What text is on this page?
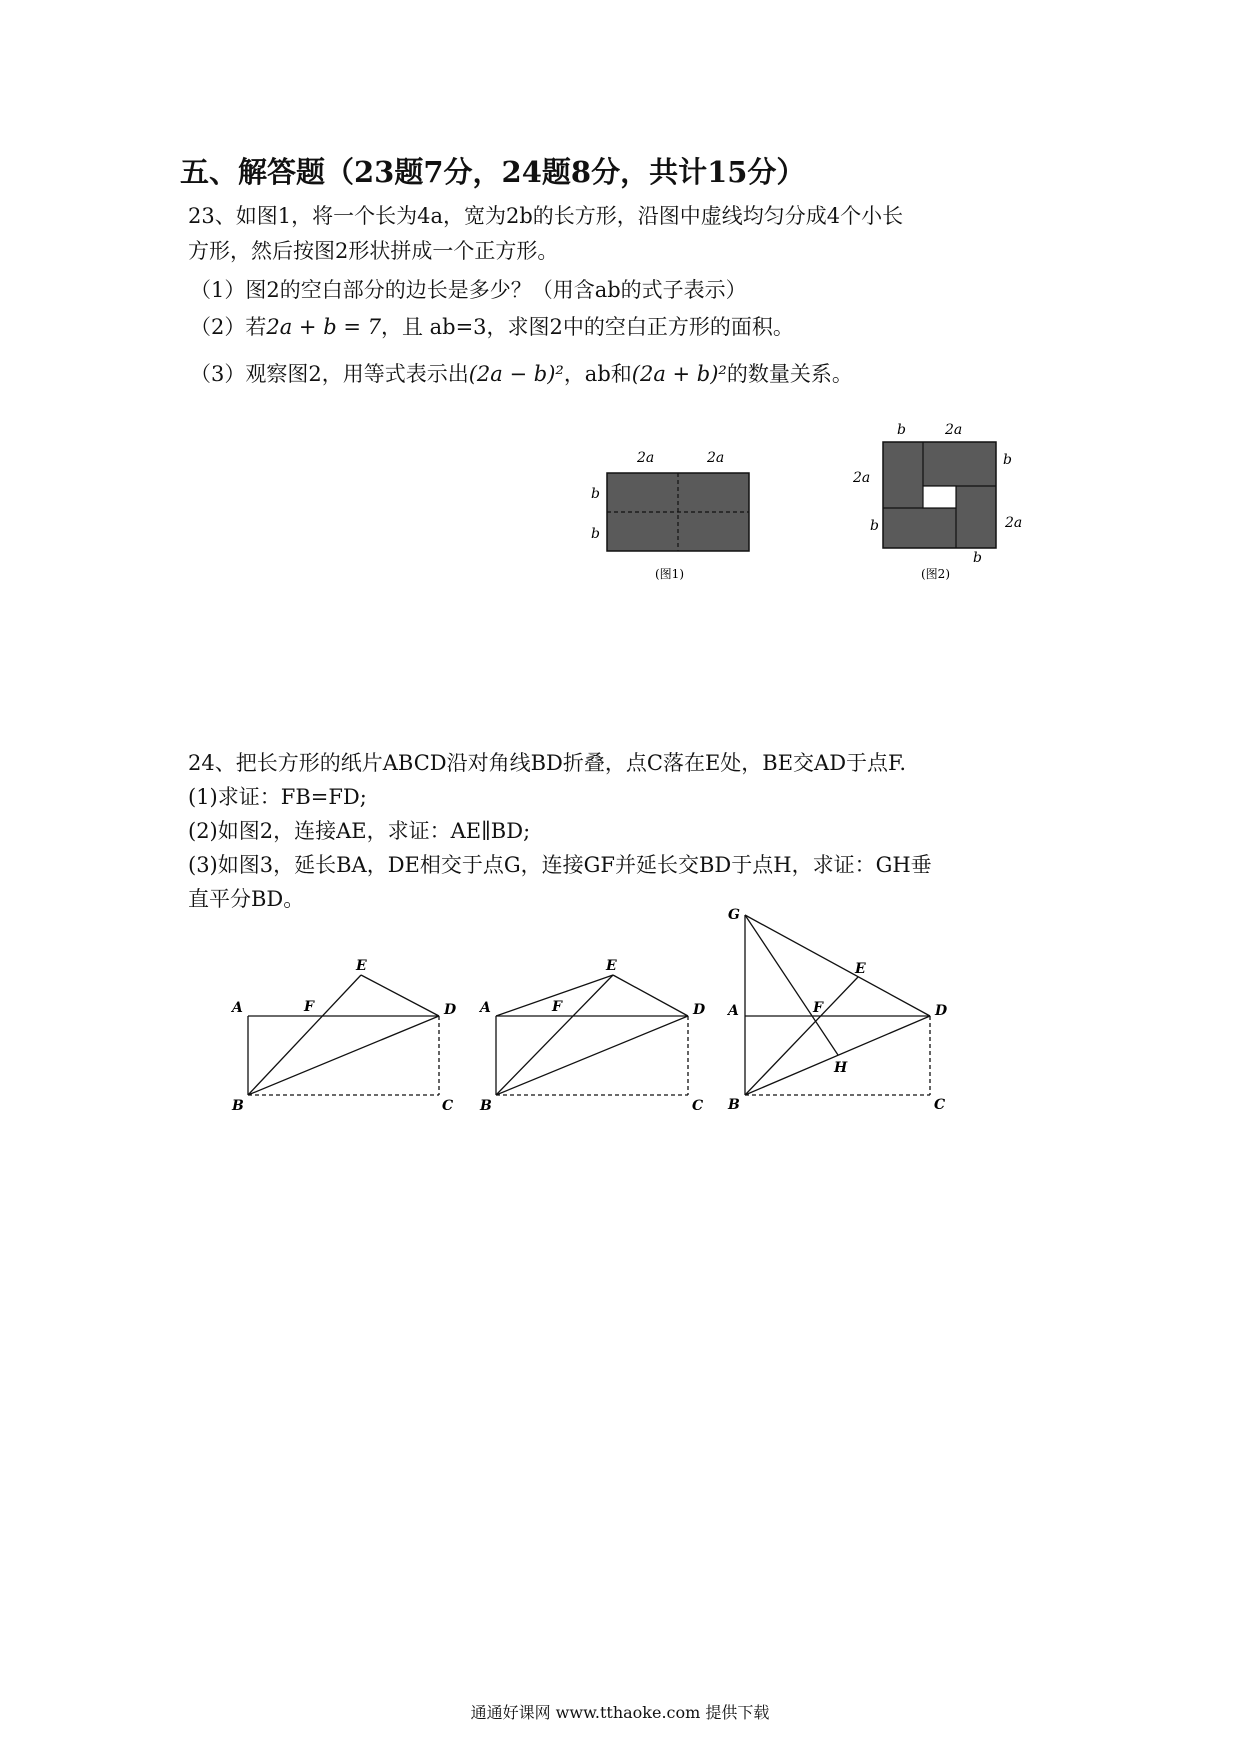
五、解答题（23题7分，24题8分，共计15分）
23、如图1，将一个长为4a，宽为2b的长方形，沿图中虚线均匀分成4个小长
方形，然后按图2形状拼成一个正方形。
（1）图2的空白部分的边长是多少？（用含ab的式子表示）
（2）若2a + b = 7，且 ab=3，求图2中的空白正方形的面积。
（3）观察图2，用等式表示出(2a − b)²，ab和(2a + b)²的数量关系。
2a	2a
b
b
(图1)
b	2a
b
2a
b	2a
b
(图2)
24、把长方形的纸片ABCD沿对角线BD折叠，点C落在E处，BE交AD于点F.
(1)求证：FB=FD;
(2)如图2，连接AE，求证：AE∥BD;
(3)如图3，延长BA，DE相交于点G，连接GF并延长交BD于点H，求证：GH垂
直平分BD。
A
B	C
D
E
F	A
B	C
D
E
F
G
A
B	C
D
E
F
H
通通好课网 www.tthaoke.com 提供下载
